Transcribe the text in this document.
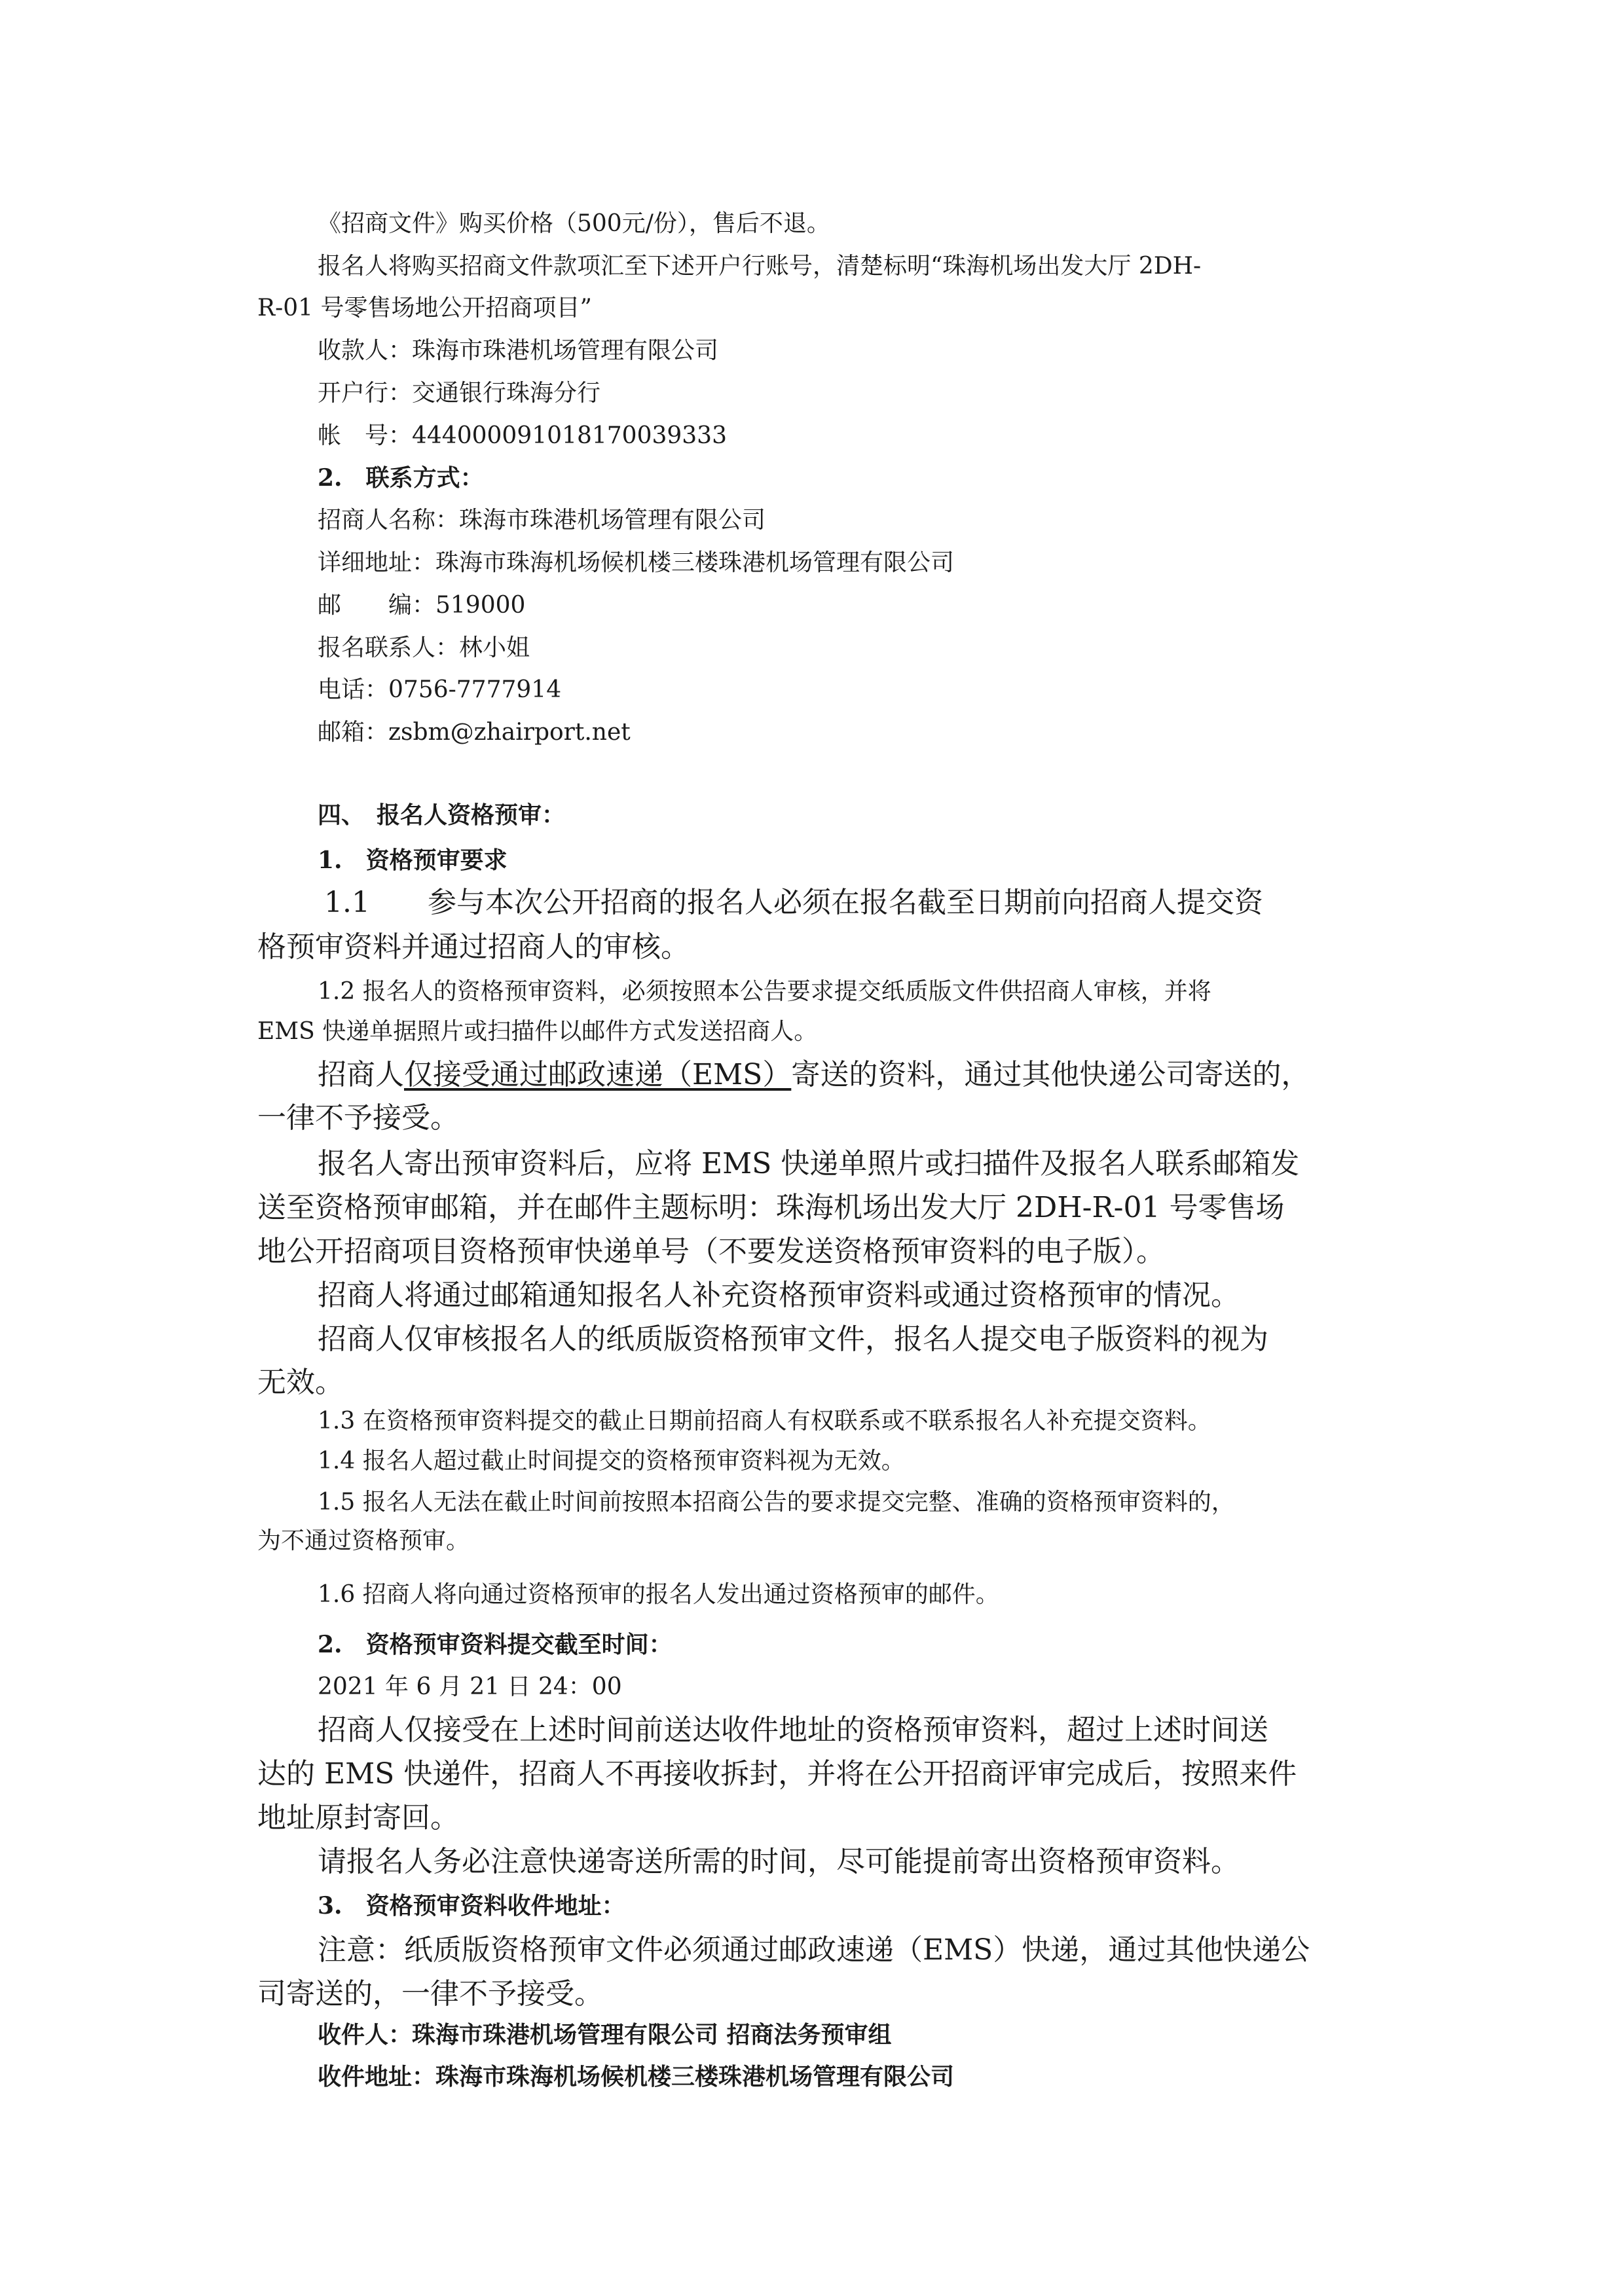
《招商文件》购买价格（500元/份），售后不退。
报名人将购买招商文件款项汇至下述开户行账号，清楚标明“珠海机场出发大厅 2DH-
R-01 号零售场地公开招商项目”
收款人：珠海市珠港机场管理有限公司
开户行：交通银行珠海分行
帐　号：444000091018170039333
2.　联系方式：
招商人名称：珠海市珠港机场管理有限公司
详细地址：珠海市珠海机场候机楼三楼珠港机场管理有限公司
邮　　编：519000
报名联系人：林小姐
电话：0756-7777914
邮箱：zsbm@zhairport.net
四、　报名人资格预审：
1.　资格预审要求
1.1　　参与本次公开招商的报名人必须在报名截至日期前向招商人提交资
格预审资料并通过招商人的审核。
1.2 报名人的资格预审资料，必须按照本公告要求提交纸质版文件供招商人审核，并将
EMS 快递单据照片或扫描件以邮件方式发送招商人。
招商人仅接受通过邮政速递（EMS）寄送的资料，通过其他快递公司寄送的，
一律不予接受。
报名人寄出预审资料后，应将 EMS 快递单照片或扫描件及报名人联系邮箱发
送至资格预审邮箱，并在邮件主题标明：珠海机场出发大厅 2DH-R-01 号零售场
地公开招商项目资格预审快递单号（不要发送资格预审资料的电子版）。
招商人将通过邮箱通知报名人补充资格预审资料或通过资格预审的情况。
招商人仅审核报名人的纸质版资格预审文件，报名人提交电子版资料的视为
无效。
1.3 在资格预审资料提交的截止日期前招商人有权联系或不联系报名人补充提交资料。
1.4 报名人超过截止时间提交的资格预审资料视为无效。
1.5 报名人无法在截止时间前按照本招商公告的要求提交完整、准确的资格预审资料的，
为不通过资格预审。
1.6 招商人将向通过资格预审的报名人发出通过资格预审的邮件。
2.　资格预审资料提交截至时间：
2021 年 6 月 21 日 24：00
招商人仅接受在上述时间前送达收件地址的资格预审资料，超过上述时间送
达的 EMS 快递件，招商人不再接收拆封，并将在公开招商评审完成后，按照来件
地址原封寄回。
请报名人务必注意快递寄送所需的时间，尽可能提前寄出资格预审资料。
3.　资格预审资料收件地址：
注意：纸质版资格预审文件必须通过邮政速递（EMS）快递，通过其他快递公
司寄送的，一律不予接受。
收件人：珠海市珠港机场管理有限公司 招商法务预审组
收件地址：珠海市珠海机场候机楼三楼珠港机场管理有限公司
